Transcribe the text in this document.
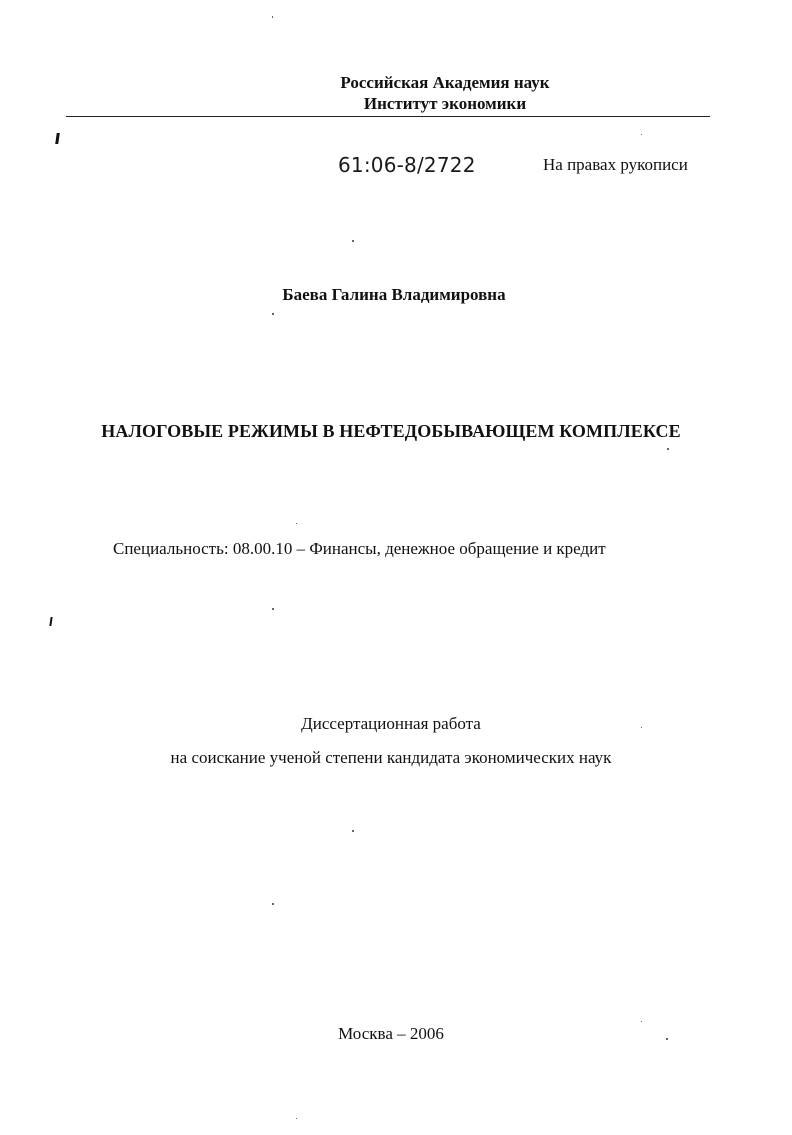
Российская Академия наук
Институт экономики
61:06-8/2722	На правах рукописи
Баева Галина Владимировна
НАЛОГОВЫЕ РЕЖИМЫ В НЕФТЕДОБЫВАЮЩЕМ КОМПЛЕКСЕ
Специальность: 08.00.10 – Финансы, денежное обращение и кредит
Диссертационная работа
на соискание ученой степени кандидата экономических наук
Москва – 2006
